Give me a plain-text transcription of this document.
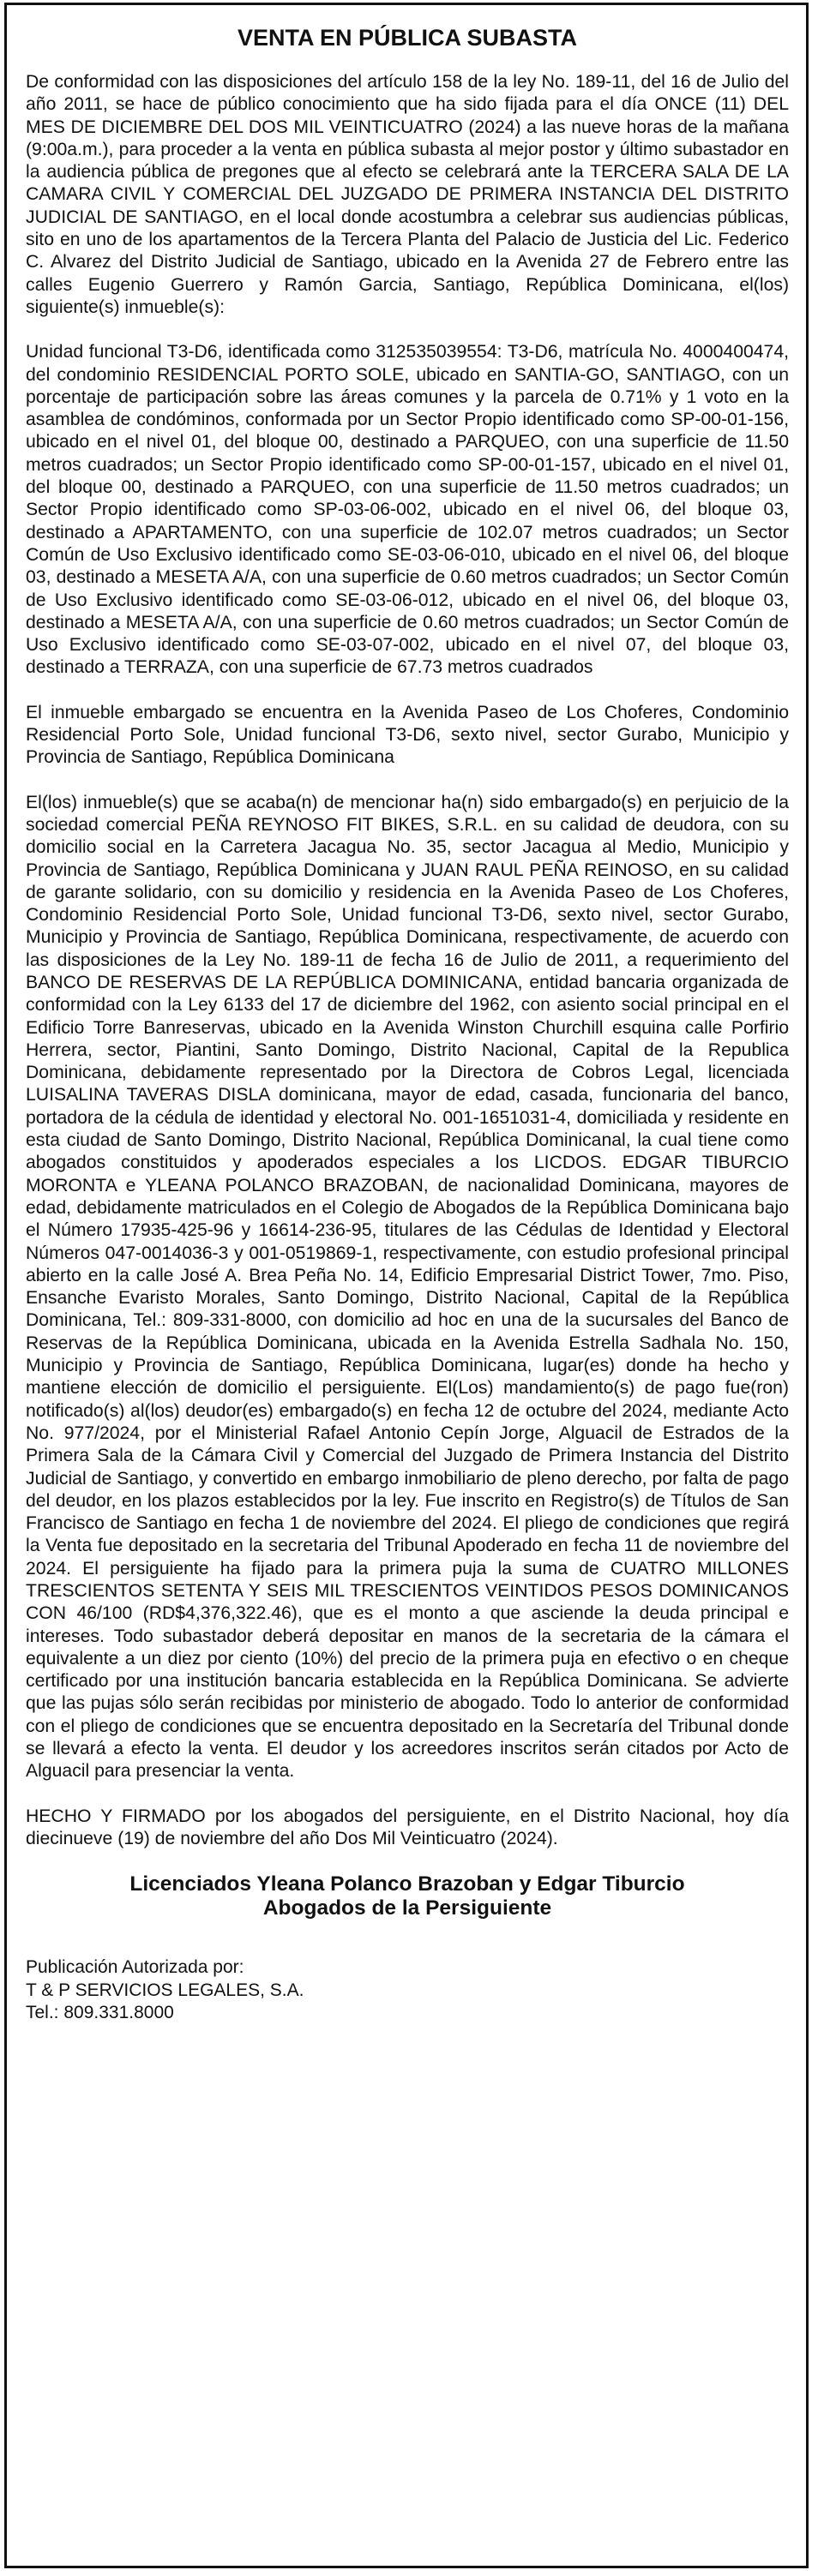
VENTA EN PÚBLICA SUBASTA

De conformidad con las disposiciones del artículo 158 de la ley No. 189-11, del 16 de Julio del año 2011, se hace de público conocimiento que ha sido fijada para el día ONCE (11) DEL MES DE DICIEMBRE DEL DOS MIL VEINTICUATRO (2024) a las nueve horas de la mañana (9:00a.m.), para proceder a la venta en pública subasta al mejor postor y último subastador en la audiencia pública de pregones que al efecto se celebrará ante la TERCERA SALA DE LA CAMARA CIVIL Y COMERCIAL DEL JUZGADO DE PRIMERA INSTANCIA DEL DISTRITO JUDICIAL DE SANTIAGO, en el local donde acostumbra a celebrar sus audiencias públicas, sito en uno de los apartamentos de la Tercera Planta del Palacio de Justicia del Lic. Federico C. Alvarez del Distrito Judicial de Santiago, ubicado en la Avenida 27 de Febrero entre las calles Eugenio Guerrero y Ramón Garcia, Santiago, República Dominicana, el(los) siguiente(s) inmueble(s):

Unidad funcional T3-D6, identificada como 312535039554: T3-D6, matrícula No. 4000400474, del condominio RESIDENCIAL PORTO SOLE, ubicado en SANTIA-GO, SANTIAGO, con un porcentaje de participación sobre las áreas comunes y la parcela de 0.71% y 1 voto en la asamblea de condóminos, conformada por un Sector Propio identificado como SP-00-01-156, ubicado en el nivel 01, del bloque 00, destinado a PARQUEO, con una superficie de 11.50 metros cuadrados; un Sector Propio identificado como SP-00-01-157, ubicado en el nivel 01, del bloque 00, destinado a PARQUEO, con una superficie de 11.50 metros cuadrados; un Sector Propio identificado como SP-03-06-002, ubicado en el nivel 06, del bloque 03, destinado a APARTAMENTO, con una superficie de 102.07 metros cuadrados; un Sector Común de Uso Exclusivo identificado como SE-03-06-010, ubicado en el nivel 06, del bloque 03, destinado a MESETA A/A, con una superficie de 0.60 metros cuadrados; un Sector Común de Uso Exclusivo identificado como SE-03-06-012, ubicado en el nivel 06, del bloque 03, destinado a MESETA A/A, con una superficie de 0.60 metros cuadrados; un Sector Común de Uso Exclusivo identificado como SE-03-07-002, ubicado en el nivel 07, del bloque 03, destinado a TERRAZA, con una superficie de 67.73 metros cuadrados

El inmueble embargado se encuentra en la Avenida Paseo de Los Choferes, Condominio Residencial Porto Sole, Unidad funcional T3-D6, sexto nivel, sector Gurabo, Municipio y Provincia de Santiago, República Dominicana

El(los) inmueble(s) que se acaba(n) de mencionar ha(n) sido embargado(s) en perjuicio de la sociedad comercial PEÑA REYNOSO FIT BIKES, S.R.L. en su calidad de deudora, con su domicilio social en la Carretera Jacagua No. 35, sector Jacagua al Medio, Municipio y Provincia de Santiago, República Dominicana y JUAN RAUL PEÑA REINOSO, en su calidad de garante solidario, con su domicilio y residencia en la Avenida Paseo de Los Choferes, Condominio Residencial Porto Sole, Unidad funcional T3-D6, sexto nivel, sector Gurabo, Municipio y Provincia de Santiago, República Dominicana, respectivamente, de acuerdo con las disposiciones de la Ley No. 189-11 de fecha 16 de Julio de 2011, a requerimiento del BANCO DE RESERVAS DE LA REPÚBLICA DOMINICANA, entidad bancaria organizada de conformidad con la Ley 6133 del 17 de diciembre del 1962, con asiento social principal en el Edificio Torre Banreservas, ubicado en la Avenida Winston Churchill esquina calle Porfirio Herrera, sector, Piantini, Santo Domingo, Distrito Nacional, Capital de la Republica Dominicana, debidamente representado por la Directora de Cobros Legal, licenciada LUISALINA TAVERAS DISLA dominicana, mayor de edad, casada, funcionaria del banco, portadora de la cédula de identidad y electoral No. 001-1651031-4, domiciliada y residente en esta ciudad de Santo Domingo, Distrito Nacional, República Dominicanal, la cual tiene como abogados constituidos y apoderados especiales a los LICDOS. EDGAR TIBURCIO MORONTA e YLEANA POLANCO BRAZOBAN, de nacionalidad Dominicana, mayores de edad, debidamente matriculados en el Colegio de Abogados de la República Dominicana bajo el Número 17935-425-96 y 16614-236-95, titulares de las Cédulas de Identidad y Electoral Números 047-0014036-3 y 001-0519869-1, respectivamente, con estudio profesional principal abierto en la calle José A. Brea Peña No. 14, Edificio Empresarial District Tower, 7mo. Piso, Ensanche Evaristo Morales, Santo Domingo, Distrito Nacional, Capital de la República Dominicana, Tel.: 809-331-8000, con domicilio ad hoc en una de la sucursales del Banco de Reservas de la República Dominicana, ubicada en la Avenida Estrella Sadhala No. 150, Municipio y Provincia de Santiago, República Dominicana, lugar(es) donde ha hecho y mantiene elección de domicilio el persiguiente. El(Los) mandamiento(s) de pago fue(ron) notificado(s) al(los) deudor(es) embargado(s) en fecha 12 de octubre del 2024, mediante Acto No. 977/2024, por el Ministerial Rafael Antonio Cepín Jorge, Alguacil de Estrados de la Primera Sala de la Cámara Civil y Comercial del Juzgado de Primera Instancia del Distrito Judicial de Santiago, y convertido en embargo inmobiliario de pleno derecho, por falta de pago del deudor, en los plazos establecidos por la ley. Fue inscrito en Registro(s) de Títulos de San Francisco de Santiago en fecha 1 de noviembre del 2024. El pliego de condiciones que regirá la Venta fue depositado en la secretaria del Tribunal Apoderado en fecha 11 de noviembre del 2024. El persiguiente ha fijado para la primera puja la suma de CUATRO MILLONES TRESCIENTOS SETENTA Y SEIS MIL TRESCIENTOS VEINTIDOS PESOS DOMINICANOS CON 46/100 (RD$4,376,322.46), que es el monto a que asciende la deuda principal e intereses. Todo subastador deberá depositar en manos de la secretaria de la cámara el equivalente a un diez por ciento (10%) del precio de la primera puja en efectivo o en cheque certificado por una institución bancaria establecida en la República Dominicana. Se advierte que las pujas sólo serán recibidas por ministerio de abogado. Todo lo anterior de conformidad con el pliego de condiciones que se encuentra depositado en la Secretaría del Tribunal donde se llevará a efecto la venta. El deudor y los acreedores inscritos serán citados por Acto de Alguacil para presenciar la venta.

HECHO Y FIRMADO por los abogados del persiguiente, en el Distrito Nacional, hoy día diecinueve (19) de noviembre del año Dos Mil Veinticuatro (2024).

Licenciados Yleana Polanco Brazoban y Edgar Tiburcio
Abogados de la Persiguiente
Publicación Autorizada por:
T & P SERVICIOS LEGALES, S.A.
Tel.: 809.331.8000
